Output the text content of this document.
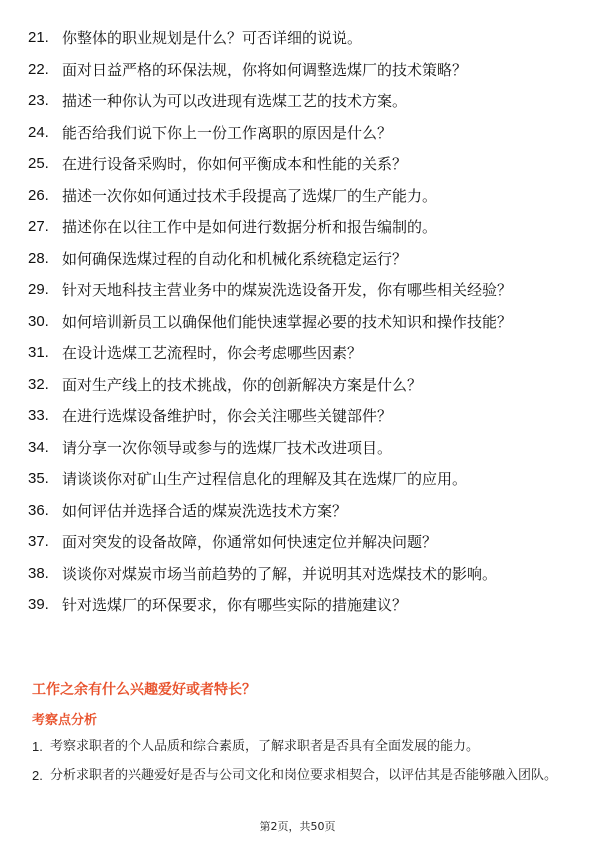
21. 你整体的职业规划是什么？可否详细的说说。
22. 面对日益严格的环保法规，你将如何调整选煤厂的技术策略？
23. 描述一种你认为可以改进现有选煤工艺的技术方案。
24. 能否给我们说下你上一份工作离职的原因是什么？
25. 在进行设备采购时，你如何平衡成本和性能的关系？
26. 描述一次你如何通过技术手段提高了选煤厂的生产能力。
27. 描述你在以往工作中是如何进行数据分析和报告编制的。
28. 如何确保选煤过程的自动化和机械化系统稳定运行？
29. 针对天地科技主营业务中的煤炭洗选设备开发，你有哪些相关经验？
30. 如何培训新员工以确保他们能快速掌握必要的技术知识和操作技能？
31. 在设计选煤工艺流程时，你会考虑哪些因素？
32. 面对生产线上的技术挑战，你的创新解决方案是什么？
33. 在进行选煤设备维护时，你会关注哪些关键部件？
34. 请分享一次你领导或参与的选煤厂技术改进项目。
35. 请谈谈你对矿山生产过程信息化的理解及其在选煤厂的应用。
36. 如何评估并选择合适的煤炭洗选技术方案？
37. 面对突发的设备故障，你通常如何快速定位并解决问题？
38. 谈谈你对煤炭市场当前趋势的了解，并说明其对选煤技术的影响。
39. 针对选煤厂的环保要求，你有哪些实际的措施建议？
工作之余有什么兴趣爱好或者特长？
考察点分析
1. 考察求职者的个人品质和综合素质，了解求职者是否具有全面发展的能力。
2. 分析求职者的兴趣爱好是否与公司文化和岗位要求相契合，以评估其是否能够融入团队。
第2页，共50页
